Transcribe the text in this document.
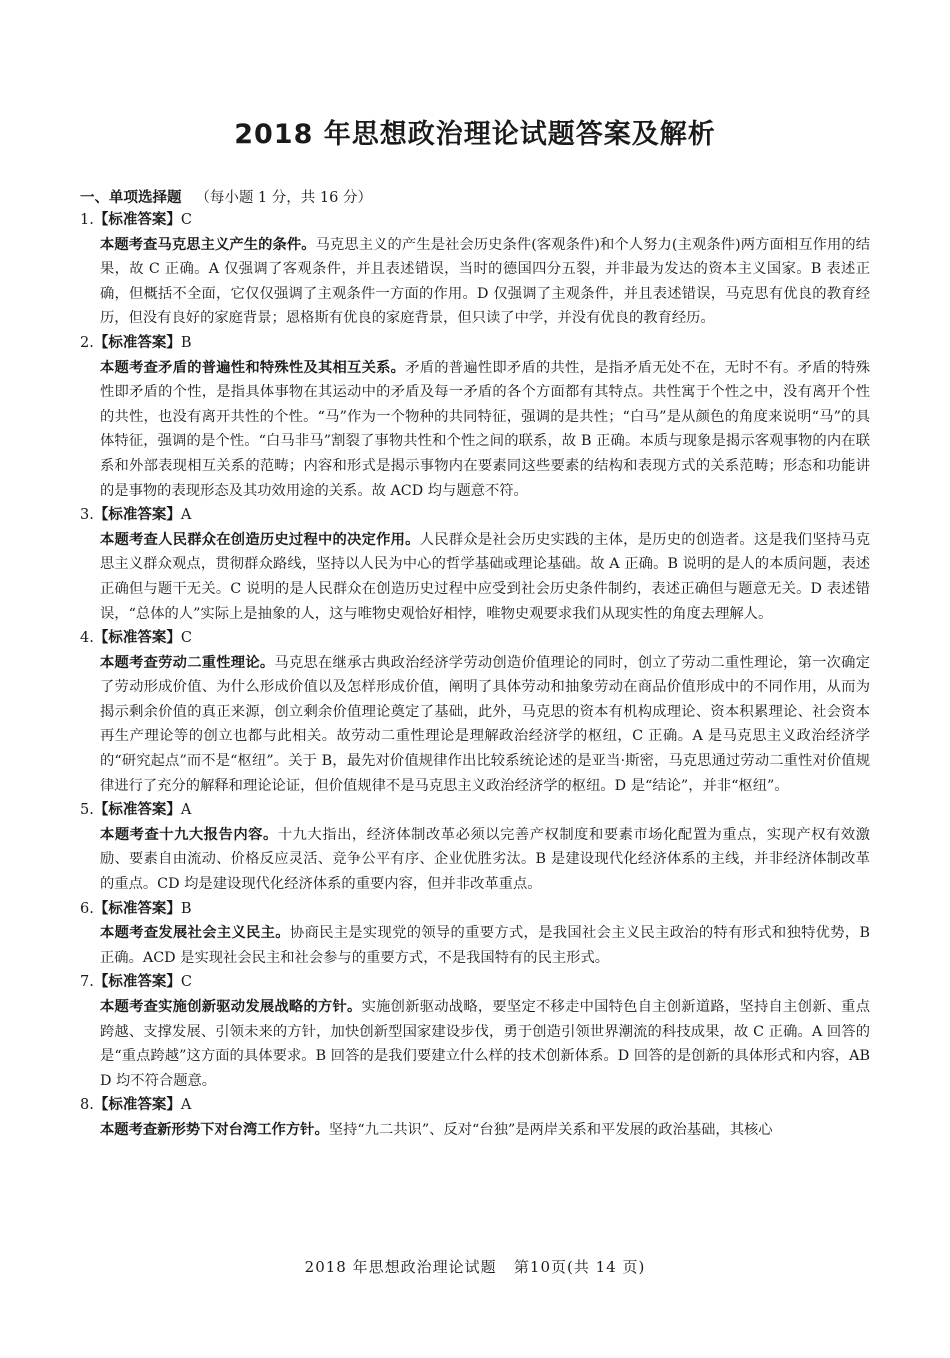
2018 年思想政治理论试题答案及解析
一、单项选择题 （每小题 1 分，共 16 分）
1.【标准答案】C
本题考查马克思主义产生的条件。马克思主义的产生是社会历史条件(客观条件)和个人努力(主观条件)两方面相互作用的结果，故 C 正确。A 仅强调了客观条件，并且表述错误，当时的德国四分五裂，并非最为发达的资本主义国家。B 表述正确，但概括不全面，它仅仅强调了主观条件一方面的作用。D 仅强调了主观条件，并且表述错误，马克思有优良的教育经历，但没有良好的家庭背景；恩格斯有优良的家庭背景，但只读了中学，并没有优良的教育经历。
2.【标准答案】B
本题考查矛盾的普遍性和特殊性及其相互关系。矛盾的普遍性即矛盾的共性，是指矛盾无处不在，无时不有。矛盾的特殊性即矛盾的个性，是指具体事物在其运动中的矛盾及每一矛盾的各个方面都有其特点。共性寓于个性之中，没有离开个性的共性，也没有离开共性的个性。“马”作为一个物种的共同特征，强调的是共性；“白马”是从颜色的角度来说明“马”的具体特征，强调的是个性。“白马非马”割裂了事物共性和个性之间的联系，故 B 正确。本质与现象是揭示客观事物的内在联系和外部表现相互关系的范畴；内容和形式是揭示事物内在要素同这些要素的结构和表现方式的关系范畴；形态和功能讲的是事物的表现形态及其功效用途的关系。故 ACD 均与题意不符。
3.【标准答案】A
本题考查人民群众在创造历史过程中的决定作用。人民群众是社会历史实践的主体，是历史的创造者。这是我们坚持马克思主义群众观点，贯彻群众路线，坚持以人民为中心的哲学基础或理论基础。故 A 正确。B 说明的是人的本质问题，表述正确但与题干无关。C 说明的是人民群众在创造历史过程中应受到社会历史条件制约，表述正确但与题意无关。D 表述错误，“总体的人”实际上是抽象的人，这与唯物史观恰好相悖，唯物史观要求我们从现实性的角度去理解人。
4.【标准答案】C
本题考查劳动二重性理论。马克思在继承古典政治经济学劳动创造价值理论的同时，创立了劳动二重性理论，第一次确定了劳动形成价值、为什么形成价值以及怎样形成价值，阐明了具体劳动和抽象劳动在商品价值形成中的不同作用，从而为揭示剩余价值的真正来源，创立剩余价值理论奠定了基础，此外，马克思的资本有机构成理论、资本积累理论、社会资本再生产理论等的创立也都与此相关。故劳动二重性理论是理解政治经济学的枢纽，C 正确。A 是马克思主义政治经济学的“研究起点”而不是“枢纽”。关于 B，最先对价值规律作出比较系统论述的是亚当·斯密，马克思通过劳动二重性对价值规律进行了充分的解释和理论论证，但价值规律不是马克思主义政治经济学的枢纽。D 是“结论”，并非“枢纽”。
5.【标准答案】A
本题考查十九大报告内容。十九大指出，经济体制改革必须以完善产权制度和要素市场化配置为重点，实现产权有效激励、要素自由流动、价格反应灵活、竞争公平有序、企业优胜劣汰。B 是建设现代化经济体系的主线，并非经济体制改革的重点。CD 均是建设现代化经济体系的重要内容，但并非改革重点。
6.【标准答案】B
本题考查发展社会主义民主。协商民主是实现党的领导的重要方式，是我国社会主义民主政治的特有形式和独特优势，B 正确。ACD 是实现社会民主和社会参与的重要方式，不是我国特有的民主形式。
7.【标准答案】C
本题考查实施创新驱动发展战略的方针。实施创新驱动战略，要坚定不移走中国特色自主创新道路，坚持自主创新、重点跨越、支撑发展、引领未来的方针，加快创新型国家建设步伐，勇于创造引领世界潮流的科技成果，故 C 正确。A 回答的是“重点跨越”这方面的具体要求。B 回答的是我们要建立什么样的技术创新体系。D 回答的是创新的具体形式和内容，ABD 均不符合题意。
8.【标准答案】A
本题考查新形势下对台湾工作方针。坚持“九二共识”、反对“台独”是两岸关系和平发展的政治基础，其核心
2018 年思想政治理论试题 第10页(共 14 页)
